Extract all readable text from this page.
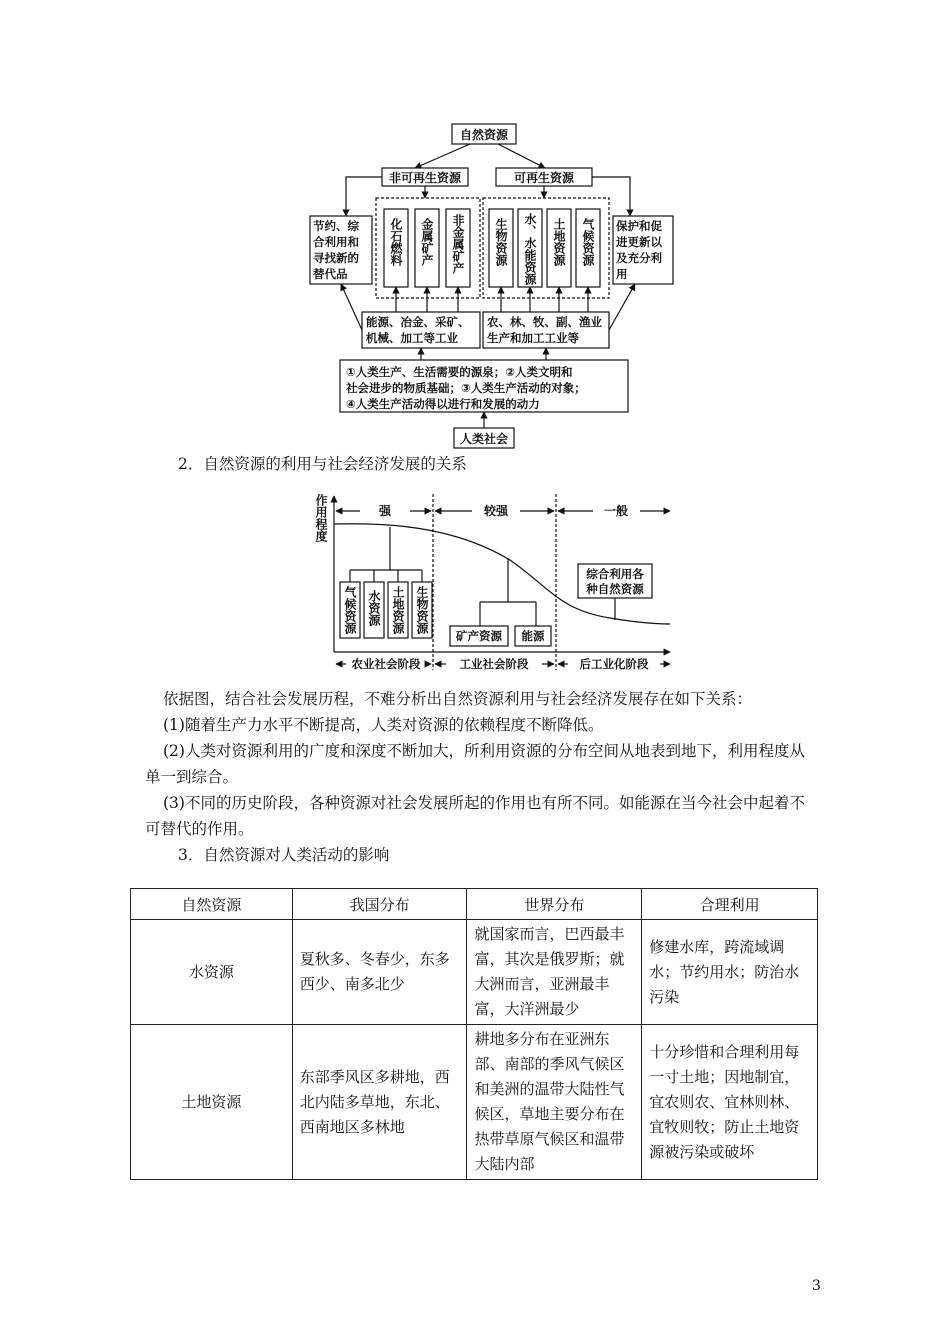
自然资源
非可再生资源	可再生资源
化石燃料 金属矿产 非金属矿产 生物资源 水、水能资源 土地资源 气候资源
节约、综合利用和寻找新的替代品
保护和促进更新以及充分利用
能源、冶金、采矿、机械、加工等工业
农、林、牧、副、渔业生产和加工工业等
①人类生产、生活需要的源泉；②人类文明和
社会进步的物质基础；③人类生产活动的对象；
④人类生产活动得以进行和发展的动力
人类社会
2．自然资源的利用与社会经济发展的关系
作用程度	强	较强	一般
农业社会阶段	工业社会阶段	后工业化阶段
气候资源 水资源 土地资源 生物资源
矿产资源 能源
综合利用各
种自然资源
依据图，结合社会发展历程，不难分析出自然资源利用与社会经济发展存在如下关系：
(1)随着生产力水平不断提高，人类对资源的依赖程度不断降低。
(2)人类对资源利用的广度和深度不断加大，所利用资源的分布空间从地表到地下，利用程度从单一到综合。
(3)不同的历史阶段，各种资源对社会发展所起的作用也有所不同。如能源在当今社会中起着不可替代的作用。
3．自然资源对人类活动的影响
自然资源	我国分布	世界分布	合理利用
水资源	夏秋多、冬春少，东多西少、南多北少	就国家而言，巴西最丰富，其次是俄罗斯；就大洲而言，亚洲最丰富，大洋洲最少	修建水库，跨流域调水；节约用水；防治水污染
土地资源	东部季风区多耕地，西北内陆多草地，东北、西南地区多林地	耕地多分布在亚洲东部、南部的季风气候区和美洲的温带大陆性气候区，草地主要分布在热带草原气候区和温带大陆内部	十分珍惜和合理利用每一寸土地；因地制宜，宜农则农、宜林则林、宜牧则牧；防止土地资源被污染或破坏
3
